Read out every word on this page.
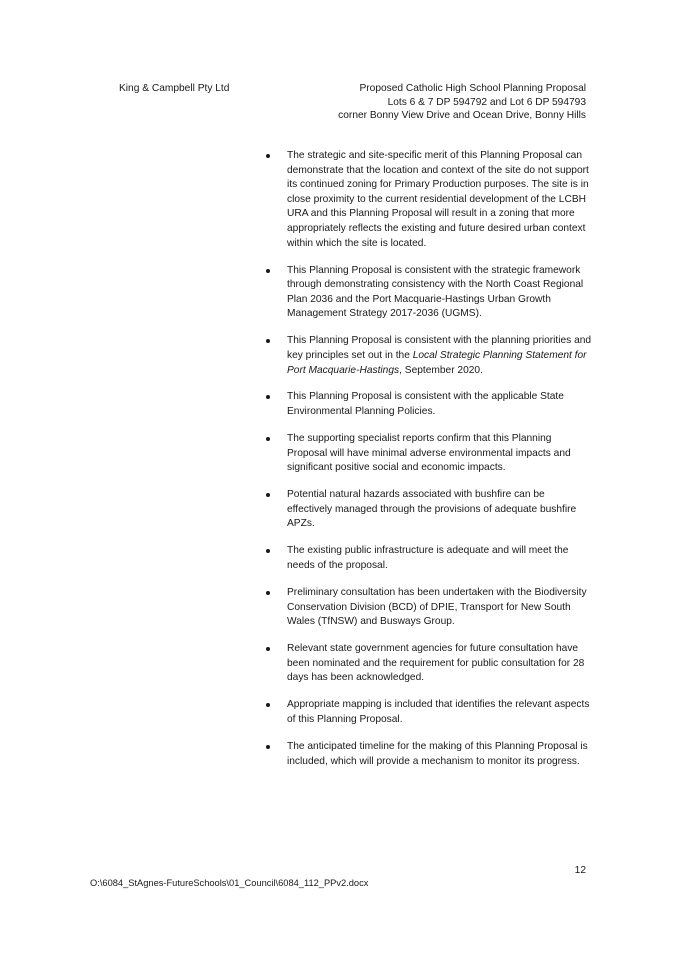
King & Campbell Pty Ltd	Proposed Catholic High School Planning Proposal
Lots 6 & 7 DP 594792 and Lot 6 DP 594793
corner Bonny View Drive and Ocean Drive, Bonny Hills
The strategic and site-specific merit of this Planning Proposal can demonstrate that the location and context of the site do not support its continued zoning for Primary Production purposes. The site is in close proximity to the current residential development of the LCBH URA and this Planning Proposal will result in a zoning that more appropriately reflects the existing and future desired urban context within which the site is located.
This Planning Proposal is consistent with the strategic framework through demonstrating consistency with the North Coast Regional Plan 2036 and the Port Macquarie-Hastings Urban Growth Management Strategy 2017-2036 (UGMS).
This Planning Proposal is consistent with the planning priorities and key principles set out in the Local Strategic Planning Statement for Port Macquarie-Hastings, September 2020.
This Planning Proposal is consistent with the applicable State Environmental Planning Policies.
The supporting specialist reports confirm that this Planning Proposal will have minimal adverse environmental impacts and significant positive social and economic impacts.
Potential natural hazards associated with bushfire can be effectively managed through the provisions of adequate bushfire APZs.
The existing public infrastructure is adequate and will meet the needs of the proposal.
Preliminary consultation has been undertaken with the Biodiversity Conservation Division (BCD) of DPIE, Transport for New South Wales (TfNSW) and Busways Group.
Relevant state government agencies for future consultation have been nominated and the requirement for public consultation for 28 days has been acknowledged.
Appropriate mapping is included that identifies the relevant aspects of this Planning Proposal.
The anticipated timeline for the making of this Planning Proposal is included, which will provide a mechanism to monitor its progress.
12
O:\6084_StAgnes-FutureSchools\01_Council\6084_112_PPv2.docx
